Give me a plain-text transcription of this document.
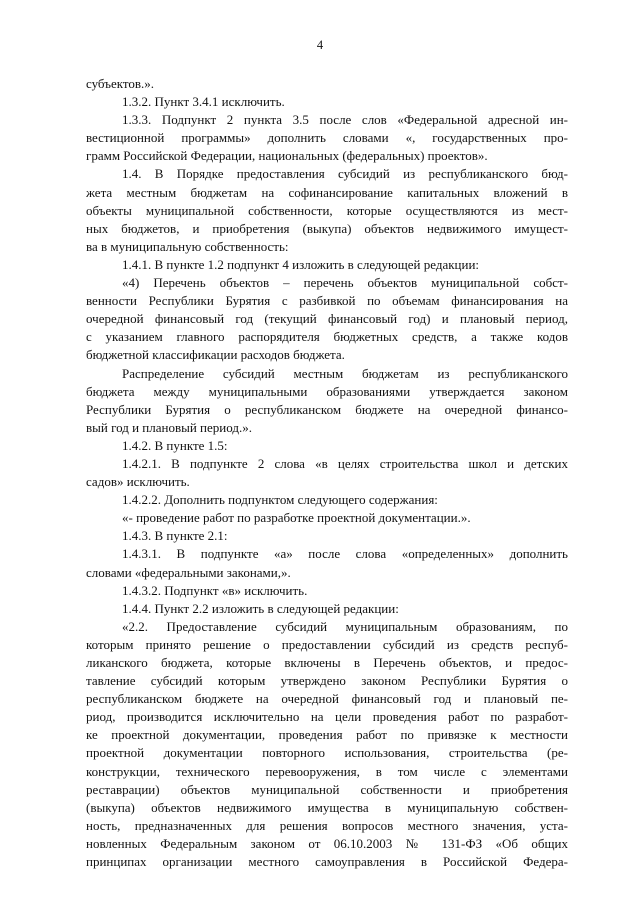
4

субъектов.».

1.3.2. Пункт 3.4.1 исключить.

1.3.3. Подпункт 2 пункта 3.5 после слов «Федеральной адресной ин-

вестиционной программы» дополнить словами «, государственных про-

грамм Российской Федерации, национальных (федеральных) проектов».

1.4. В Порядке предоставления субсидий из республиканского бюд-

жета местным бюджетам на софинансирование капитальных вложений в

объекты муниципальной собственности, которые осуществляются из мест-

ных бюджетов, и приобретения (выкупа) объектов недвижимого имущест-

ва в муниципальную собственность:

1.4.1. В пункте 1.2 подпункт 4 изложить в следующей редакции:

«4) Перечень объектов – перечень объектов муниципальной собст-

венности Республики Бурятия с разбивкой по объемам финансирования на

очередной финансовый год (текущий финансовый год) и плановый период,

с указанием главного распорядителя бюджетных средств, а также кодов

бюджетной классификации расходов бюджета.

Распределение субсидий местным бюджетам из республиканского

бюджета между муниципальными образованиями утверждается законом

Республики Бурятия о республиканском бюджете на очередной финансо-

вый год и плановый период.».

1.4.2. В пункте 1.5:

1.4.2.1. В подпункте 2 слова «в целях строительства школ и детских

садов» исключить.

1.4.2.2. Дополнить подпунктом следующего содержания:

«- проведение работ по разработке проектной документации.».

1.4.3. В пункте 2.1:

1.4.3.1. В подпункте «а» после слова «определенных» дополнить

словами «федеральными законами,».

1.4.3.2. Подпункт «в» исключить.

1.4.4. Пункт 2.2 изложить в следующей редакции:

«2.2. Предоставление субсидий муниципальным образованиям, по

которым принято решение о предоставлении субсидий из средств респуб-

ликанского бюджета, которые включены в Перечень объектов, и предос-

тавление субсидий которым утверждено законом Республики Бурятия о

республиканском бюджете на очередной финансовый год и плановый пе-

риод, производится исключительно на цели проведения работ по разработ-

ке проектной документации, проведения работ по привязке к местности

проектной документации повторного использования, строительства (ре-

конструкции, технического перевооружения, в том числе с элементами

реставрации) объектов муниципальной собственности и приобретения

(выкупа) объектов недвижимого имущества в муниципальную собствен-

ность, предназначенных для решения вопросов местного значения, уста-

новленных Федеральным законом от 06.10.2003 № 131-ФЗ «Об общих

принципах организации местного самоуправления в Российской Федера-
